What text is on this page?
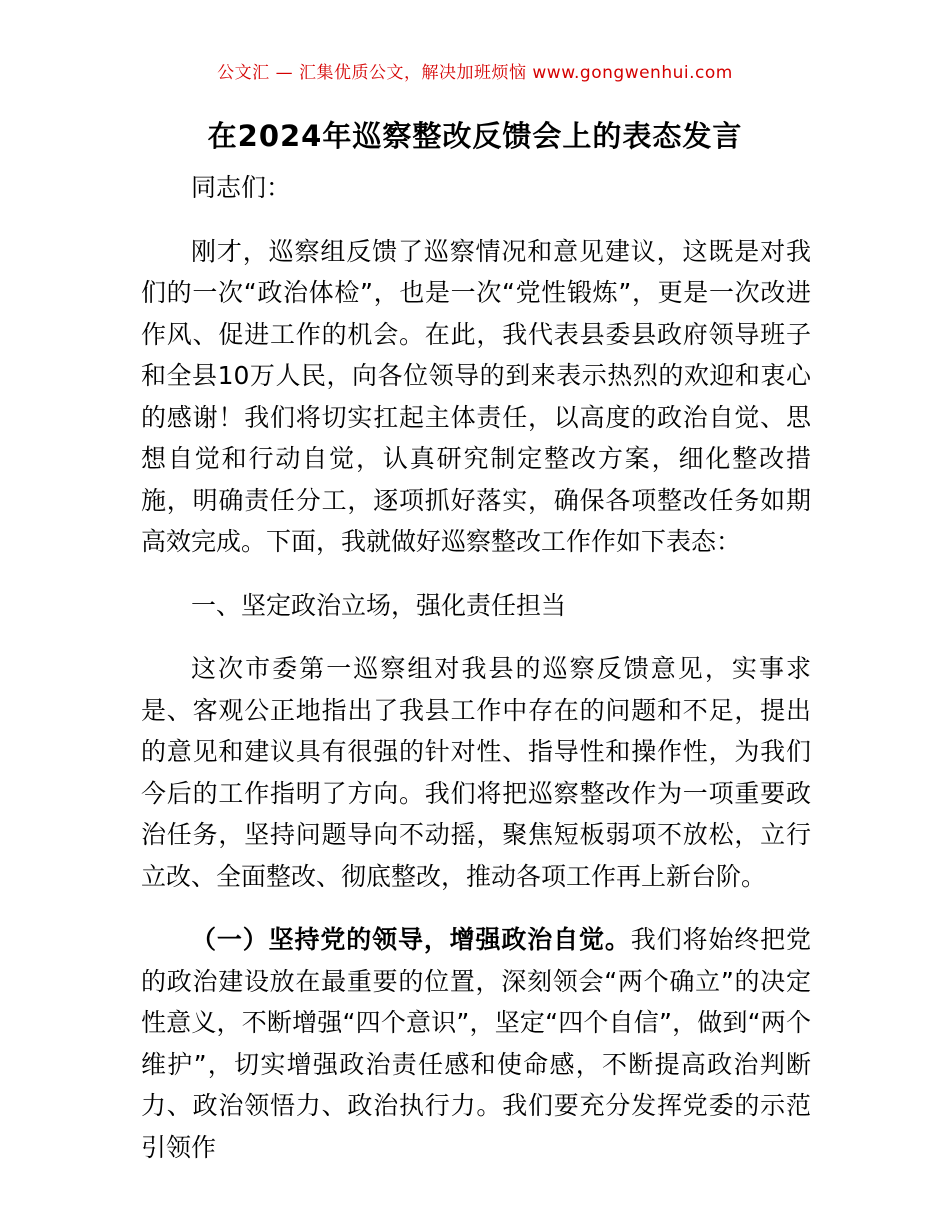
公文汇 — 汇集优质公文，解决加班烦恼 www.gongwenhui.com
在2024年巡察整改反馈会上的表态发言

同志们：

刚才，巡察组反馈了巡察情况和意见建议，这既是对我们的一次“政治体检”，也是一次“党性锻炼”，更是一次改进作风、促进工作的机会。在此，我代表县委县政府领导班子和全县10万人民，向各位领导的到来表示热烈的欢迎和衷心的感谢！我们将切实扛起主体责任，以高度的政治自觉、思想自觉和行动自觉，认真研究制定整改方案，细化整改措施，明确责任分工，逐项抓好落实，确保各项整改任务如期高效完成。下面，我就做好巡察整改工作作如下表态：

一、坚定政治立场，强化责任担当

这次市委第一巡察组对我县的巡察反馈意见，实事求是、客观公正地指出了我县工作中存在的问题和不足，提出的意见和建议具有很强的针对性、指导性和操作性，为我们今后的工作指明了方向。我们将把巡察整改作为一项重要政治任务，坚持问题导向不动摇，聚焦短板弱项不放松，立行立改、全面整改、彻底整改，推动各项工作再上新台阶。

（一）坚持党的领导，增强政治自觉。我们将始终把党的政治建设放在最重要的位置，深刻领会“两个确立”的决定性意义，不断增强“四个意识”，坚定“四个自信”，做到“两个维护”，切实增强政治责任感和使命感，不断提高政治判断力、政治领悟力、政治执行力。我们要充分发挥党委的示范引领作
